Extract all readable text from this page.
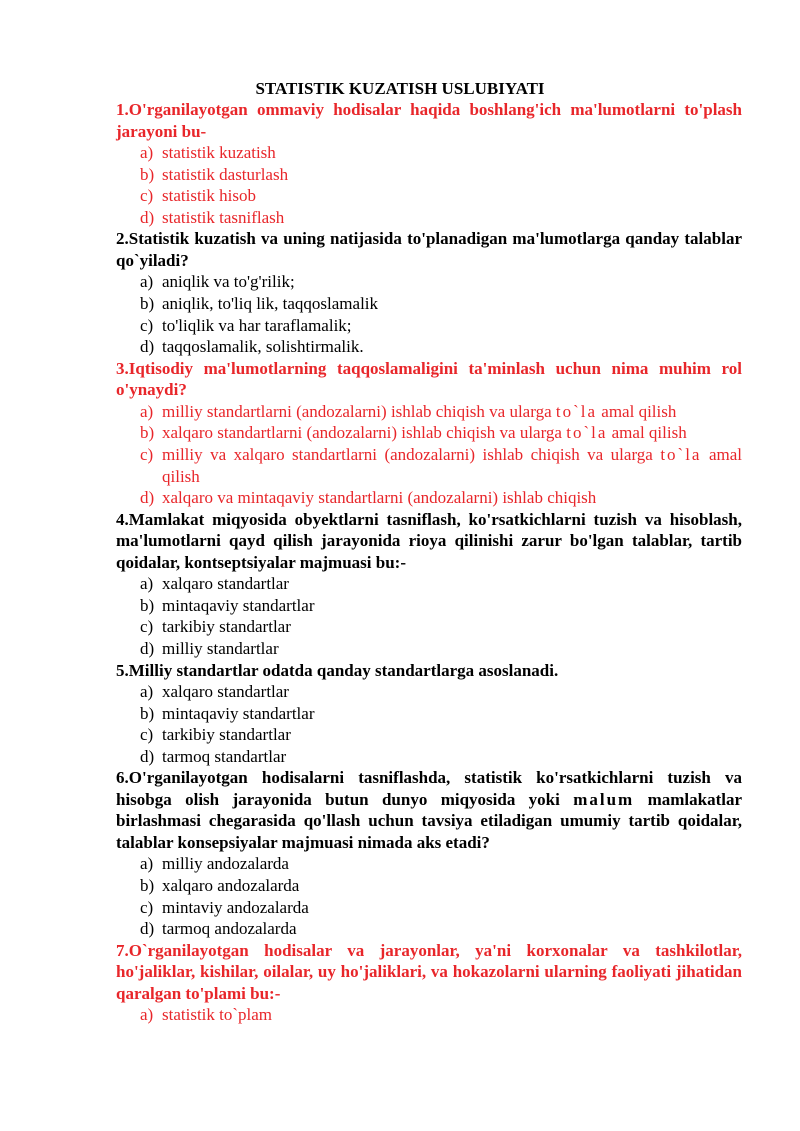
STATISTIK KUZATISH USLUBIYATI
1.O'rganilayotgan ommaviy hodisalar haqida boshlang'ich ma'lumotlarni to'plash jarayoni bu-
a) statistik kuzatish
b) statistik dasturlash
c) statistik hisob
d) statistik tasniflash
2.Statistik kuzatish va uning natijasida to'planadigan ma'lumotlarga qanday talablar qo`yiladi?
a) aniqlik va to'g'rilik;
b) aniqlik, to'liq lik, taqqoslamalik
c) to'liqlik va har taraflamalik;
d) taqqoslamalik, solishtirmalik.
3.Iqtisodiy ma'lumotlarning taqqoslamaligini ta'minlash uchun nima muhim rol o'ynaydi?
a) milliy standartlarni (andozalarni) ishlab chiqish va ularga to`la amal qilish
b) xalqaro standartlarni (andozalarni) ishlab chiqish va ularga to`la amal qilish
c) milliy va xalqaro standartlarni (andozalarni) ishlab chiqish va ularga to`la amal qilish
d) xalqaro va mintaqaviy standartlarni (andozalarni) ishlab chiqish
4.Mamlakat miqyosida obyektlarni tasniflash, ko'rsatkichlarni tuzish va hisoblash, ma'lumotlarni qayd qilish jarayonida rioya qilinishi zarur bo'lgan talablar, tartib qoidalar, kontseptsiyalar majmuasi bu:-
a) xalqaro standartlar
b) mintaqaviy standartlar
c) tarkibiy standartlar
d) milliy standartlar
5.Milliy standartlar odatda qanday standartlarga asoslanadi.
a) xalqaro standartlar
b) mintaqaviy standartlar
c) tarkibiy standartlar
d) tarmoq standartlar
6.O'rganilayotgan hodisalarni tasniflashda, statistik ko'rsatkichlarni tuzish va hisobga olish jarayonida butun dunyo miqyosida yoki malum mamlakatlar birlashmasi chegarasida qo'llash uchun tavsiya etiladigan umumiy tartib qoidalar, talablar konsepsiyalar majmuasi nimada aks etadi?
a) milliy andozalarda
b) xalqaro andozalarda
c) mintaviy andozalarda
d) tarmoq andozalarda
7.O`rganilayotgan hodisalar va jarayonlar, ya'ni korxonalar va tashkilotlar, ho'jaliklar, kishilar, oilalar, uy ho'jaliklari, va hokazolarni ularning faoliyati jihatidan qaralgan to'plami bu:-
a) statistik to`plam
